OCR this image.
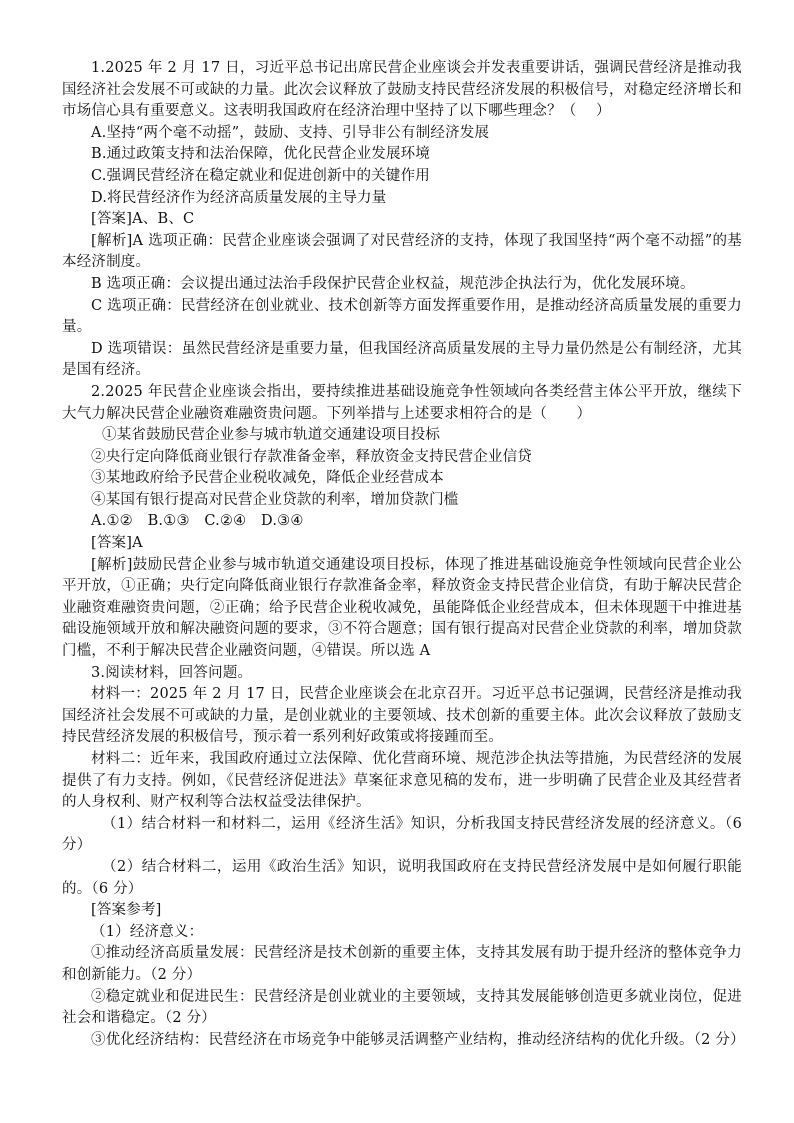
1.2025 年 2 月 17 日，习近平总书记出席民营企业座谈会并发表重要讲话，强调民营经济是推动我国经济社会发展不可或缺的力量。此次会议释放了鼓励支持民营经济发展的积极信号，对稳定经济增长和市场信心具有重要意义。这表明我国政府在经济治理中坚持了以下哪些理念？（　 ）

A.坚持“两个毫不动摇”，鼓励、支持、引导非公有制经济发展

B.通过政策支持和法治保障，优化民营企业发展环境

C.强调民营经济在稳定就业和促进创新中的关键作用

D.将民营经济作为经济高质量发展的主导力量

[答案]A、B、C

[解析]A 选项正确：民营企业座谈会强调了对民营经济的支持，体现了我国坚持“两个毫不动摇”的基本经济制度。

B 选项正确：会议提出通过法治手段保护民营企业权益，规范涉企执法行为，优化发展环境。

C 选项正确：民营经济在创业就业、技术创新等方面发挥重要作用，是推动经济高质量发展的重要力量。

D 选项错误：虽然民营经济是重要力量，但我国经济高质量发展的主导力量仍然是公有制经济，尤其是国有经济。

2.2025 年民营企业座谈会指出，要持续推进基础设施竞争性领域向各类经营主体公平开放，继续下大气力解决民营企业融资难融资贵问题。下列举措与上述要求相符合的是（　　）

①某省鼓励民营企业参与城市轨道交通建设项目投标

②央行定向降低商业银行存款准备金率，释放资金支持民营企业信贷

③某地政府给予民营企业税收减免，降低企业经营成本

④某国有银行提高对民营企业贷款的利率，增加贷款门槛

A.①②　B.①③　C.②④　D.③④

[答案]A

[解析]鼓励民营企业参与城市轨道交通建设项目投标，体现了推进基础设施竞争性领域向民营企业公平开放，①正确；央行定向降低商业银行存款准备金率，释放资金支持民营企业信贷，有助于解决民营企业融资难融资贵问题，②正确；给予民营企业税收减免，虽能降低企业经营成本，但未体现题干中推进基础设施领域开放和解决融资问题的要求，③不符合题意；国有银行提高对民营企业贷款的利率，增加贷款门槛，不利于解决民营企业融资问题，④错误。所以选 A

3.阅读材料，回答问题。

材料一：2025 年 2 月 17 日，民营企业座谈会在北京召开。习近平总书记强调，民营经济是推动我国经济社会发展不可或缺的力量，是创业就业的主要领域、技术创新的重要主体。此次会议释放了鼓励支持民营经济发展的积极信号，预示着一系列利好政策或将接踵而至。

材料二：近年来，我国政府通过立法保障、优化营商环境、规范涉企执法等措施，为民营经济的发展提供了有力支持。例如，《民营经济促进法》草案征求意见稿的发布，进一步明确了民营企业及其经营者的人身权利、财产权利等合法权益受法律保护。

（1）结合材料一和材料二，运用《经济生活》知识，分析我国支持民营经济发展的经济意义。（6 分）

（2）结合材料二，运用《政治生活》知识，说明我国政府在支持民营经济发展中是如何履行职能的。（6 分）

[答案参考]

（1）经济意义：

①推动经济高质量发展：民营经济是技术创新的重要主体，支持其发展有助于提升经济的整体竞争力和创新能力。（2 分）

②稳定就业和促进民生：民营经济是创业就业的主要领域，支持其发展能够创造更多就业岗位，促进社会和谐稳定。（2 分）

③优化经济结构：民营经济在市场竞争中能够灵活调整产业结构，推动经济结构的优化升级。（2 分）
